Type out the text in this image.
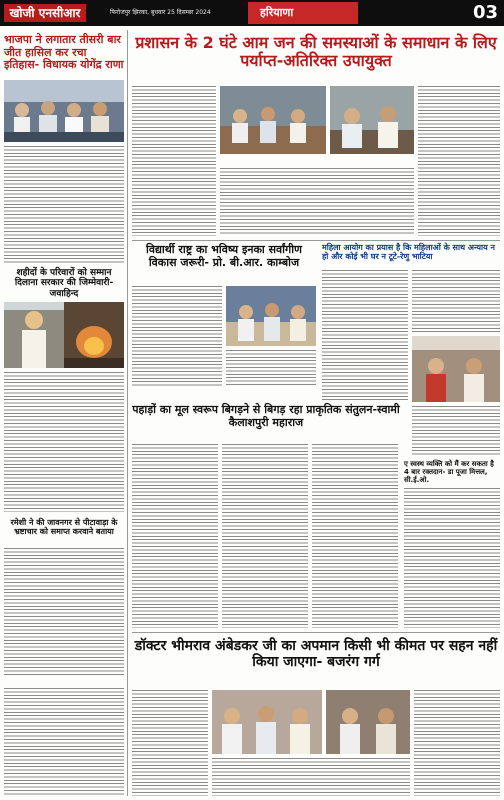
खोजी एनसीआर	फिरोजपुर झिरका, बुधवार 25 दिसम्बर 2024	हरियाणा	03
भाजपा ने लगातार तीसरी बार जीत हासिल कर रचा इतिहास- विधायक योगेंद्र राणा
शहीदों के परिवारों को सम्मान दिलाना सरकार की जिम्मेवारी- जवाहिन्द
रमेशी ने की जावनगर से पीटावाड़ा के भ्रष्टाचार को समाप्त करवाने बताया
प्रशासन के 2 घंटे आम जन की समस्याओं के समाधान के लिए पर्याप्त-अतिरिक्त उपायुक्त
विद्यार्थी राष्ट्र का भविष्य इनका सर्वांगीण विकास जरूरी- प्रो. बी.आर. काम्बोज
महिला आयोग का प्रयास है कि महिलाओं के साथ अन्याय न हो और कोई भी घर न टूटे-रेणु भाटिया
पहाड़ों का मूल स्वरूप बिगड़ने से बिगड़ रहा प्राकृतिक संतुलन-स्वामी कैलाशपुरी महाराज
ए स्वस्थ व्यक्ति को मैं कर सकता है 4 बार रक्तदान- डा पूजा मित्तल, सी.ई.ओ.
डॉक्टर भीमराव अंबेडकर जी का अपमान किसी भी कीमत पर सहन नहीं किया जाएगा- बजरंग गर्ग
